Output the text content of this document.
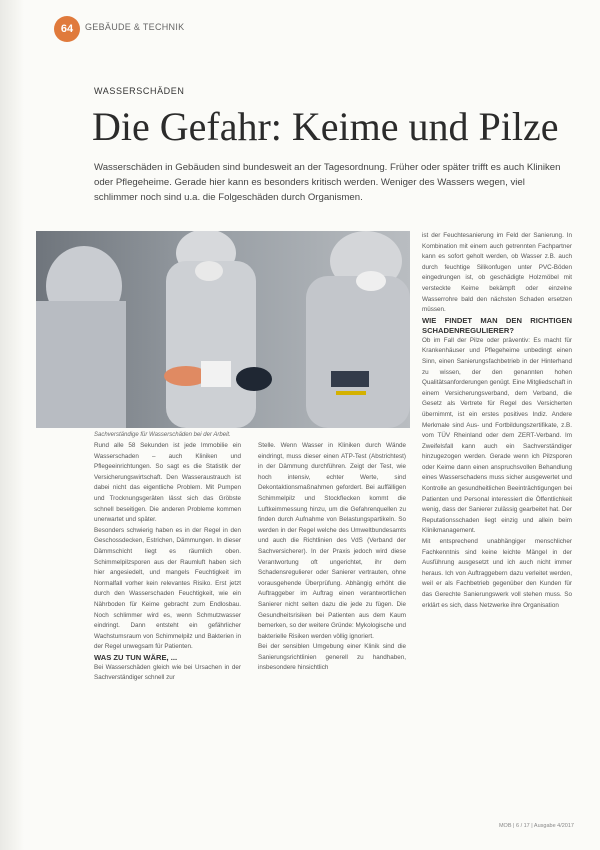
64	GEBÄUDE & TECHNIK
WASSERSCHÄDEN
Die Gefahr: Keime und Pilze
Wasserschäden in Gebäuden sind bundesweit an der Tagesordnung. Früher oder später trifft es auch Kliniken oder Pflegeheime. Gerade hier kann es besonders kritisch werden. Weniger des Wassers wegen, viel schlimmer noch sind u.a. die Folgeschäden durch Organismen.
Sachverständige für Wasserschäden bei der Arbeit.

Rund alle 58 Sekunden ist jede Immobilie ein Wasserschaden – auch Kliniken und Pflegeeinrichtungen. So sagt es die Statistik der Versicherungswirtschaft. Den Wasseraustrauch ist dabei nicht das eigentliche Problem. Mit Pumpen und Trocknungsgeräten lässt sich das Gröbste schnell beseitigen. Die anderen Probleme kommen unerwartet und später.

Besonders schwierig haben es in der Regel in den Geschossdecken, Estrichen, Dämmungen. In dieser Dämmschicht liegt es räumlich oben. Schimmelpilzsporen aus der Raumluft haben sich hier angesiedelt, und mangels Feuchtigkeit im Normalfall vorher kein relevantes Risiko. Erst jetzt durch den Wasserschaden Feuchtigkeit, wie ein Nährboden für Keime gebracht zum Endlosbau. Noch schlimmer wird es, wenn Schmutzwasser eindringt. Dann entsteht ein gefährlicher Wachstumsraum von Schimmelpilz und Bakterien in der Regel unwegsam für Patienten.

WAS ZU TUN WÄRE, ...

Bei Wasserschäden gleich wie bei Ursachen in der Sachverständiger schnell zur

Stelle. Wenn Wasser in Kliniken durch Wände eindringt, muss dieser einen ATP-Test (Abstrichtest) in der Dämmung durchführen. Zeigt der Test, wie hoch intensiv, echter Werte, sind Dekontaktionsmaßnahmen gefordert. Bei auffälligen Schimmelpilz und Stockflecken kommt die Luftkeimmessung hinzu, um die Gefahrenquellen zu finden durch Aufnahme von Belastungspartikeln. So werden in der Regel welche des Umweltbundesamts und auch die Richtlinien des VdS (Verband der Sachversicherer). In der Praxis jedoch wird diese Verantwortung oft ungerichtet, ihr dem Schadensregulierer oder Sanierer vertrauten, ohne vorausgehende Überprüfung. Abhängig erhöht die Auftraggeber im Auftrag einen verantwortlichen Sanierer nicht selten dazu die jede zu fügen. Die Gesundheitsrisiken bei Patienten aus dem Kaum bemerken, so der weitere Gründe: Mykologische und bakterielle Risiken werden völlig ignoriert.

Bei der sensiblen Umgebung einer Klinik sind die Sanierungsrichtlinien generell zu handhaben, insbesondere hinsichtlich

ist der Feuchtesanierung im Feld der Sanierung. In Kombination mit einem auch getrennten Fachpartner kann es sofort geholt werden, ob Wasser z.B. auch durch feuchtige Silikonfugen unter PVC-Böden eingedrungen ist, ob geschädigte Holzmöbel mit versteckte Keime bekämpft oder einzelne Wasserrohre bald den nächsten Schaden ersetzen müssen.

WIE FINDET MAN DEN RICHTIGEN SCHADENREGULIERER?

Ob im Fall der Pilze oder präventiv: Es macht für Krankenhäuser und Pflegeheime unbedingt einen Sinn, einen Sanierungsfachbetrieb in der Hinterhand zu wissen, der den genannten hohen Qualitätsanforderungen genügt. Eine Mitgliedschaft in einem Versicherungsverband, dem Verband, die Gesetz als Vertrete für Regel des Versicherten übernimmt, ist ein erstes positives Indiz. Andere Merkmale sind Aus- und Fortbildungszertifikate, z.B. vom TÜV Rheinland oder dem ZERT-Verband. Im Zweifelsfall kann auch ein Sachverständiger hinzugezogen werden. Gerade wenn ich Pilzsporen oder Keime dann einen anspruchsvollen Behandlung eines Wasserschadens muss sicher ausgewertet und Kontrolle an gesundheitlichen Beeinträchtigungen bei Patienten und Personal interessiert die Öffentlichkeit wenig, dass der Sanierer zulässig gearbeitet hat. Der Reputationsschaden liegt einzig und allein beim Klinikmanagement.

Mit entsprechend unabhängiger menschlicher Fachkenntnis sind keine leichte Mängel in der Ausführung ausgesetzt und ich auch nicht immer heraus. Ich von Auftraggebern dazu verleitet werden, weil er als Fachbetrieb gegenüber den Kunden für das Gerechte Sanierungswerk voll stehen muss. So erklärt es sich, dass Netzwerke ihre Organisation

MOB | 6 / 17 | Ausgabe 4/2017
